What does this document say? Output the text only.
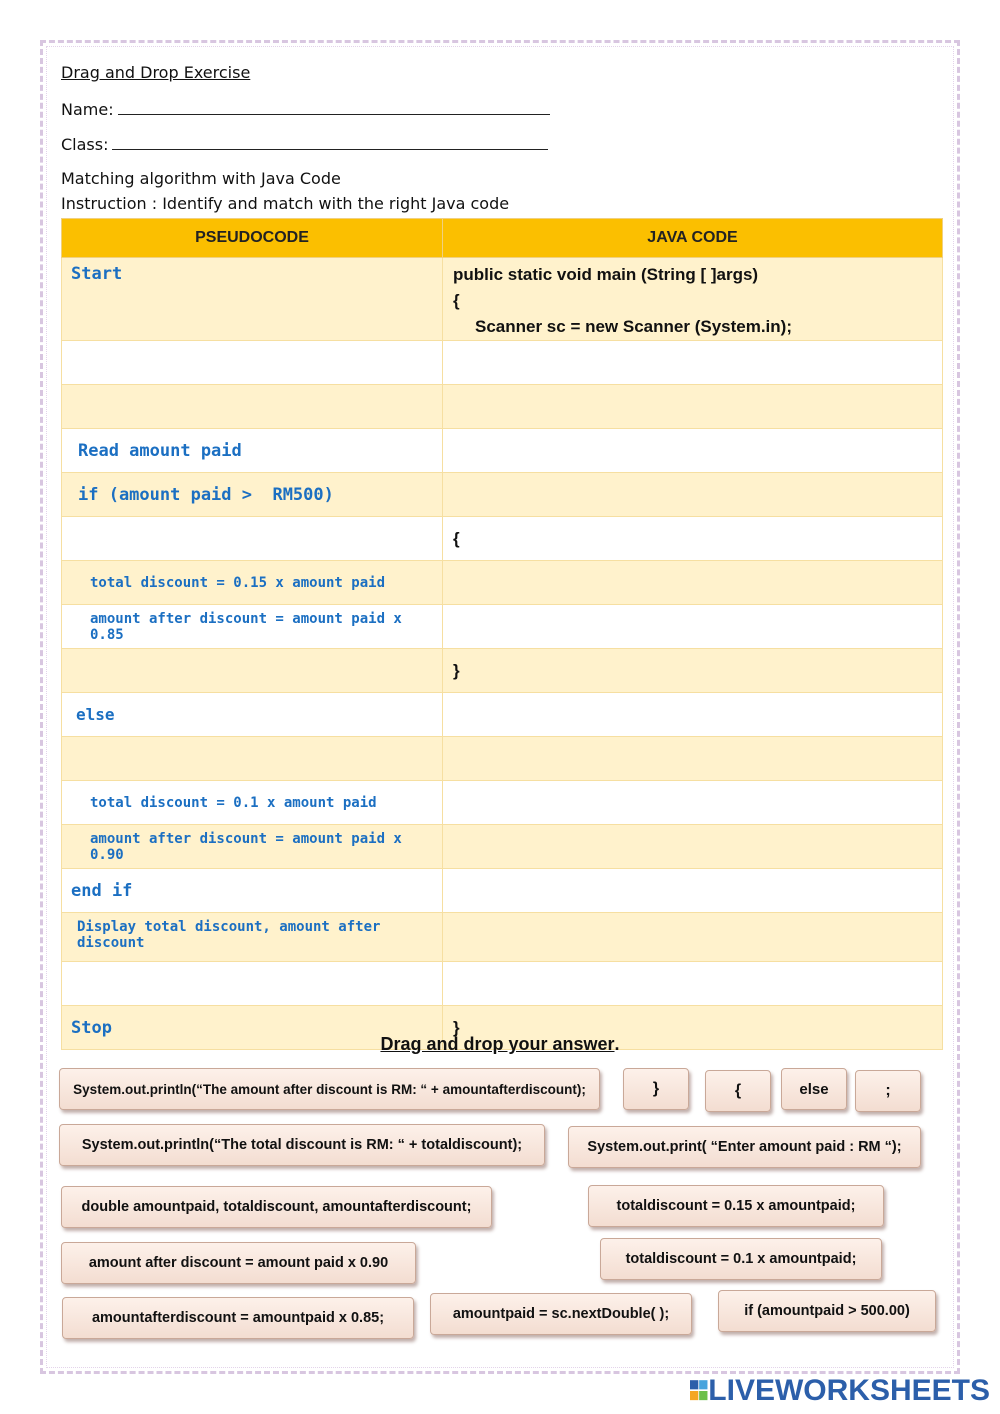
Drag and Drop Exercise
Name:
Class:
Matching algorithm with Java Code
Instruction : Identify and match with the right Java code
PSEUDOCODE	JAVA CODE
Start	public static void main (String [ ]args)
{
Scanner sc = new Scanner (System.in);

Read amount paid	
if (amount paid >  RM500)	
	{
total discount = 0.15 x amount paid	
amount after discount = amount paid x 0.85	
	}
else	

total discount = 0.1 x amount paid	
amount after discount = amount paid x 0.90	
end if	
Display total discount, amount after discount	

Stop	}
Drag and drop your answer.
System.out.println(“The amount after discount is RM: “ + amountafterdiscount);	}	{	else	;
System.out.println(“The total discount is RM: “ + totaldiscount);	System.out.print( “Enter amount paid : RM “);
double amountpaid, totaldiscount, amountafterdiscount;	totaldiscount = 0.15 x amountpaid;
amount after discount = amount paid x 0.90	totaldiscount = 0.1 x amountpaid;
amountafterdiscount = amountpaid x 0.85;	amountpaid = sc.nextDouble( );	if (amountpaid > 500.00)
LIVEWORKSHEETS
